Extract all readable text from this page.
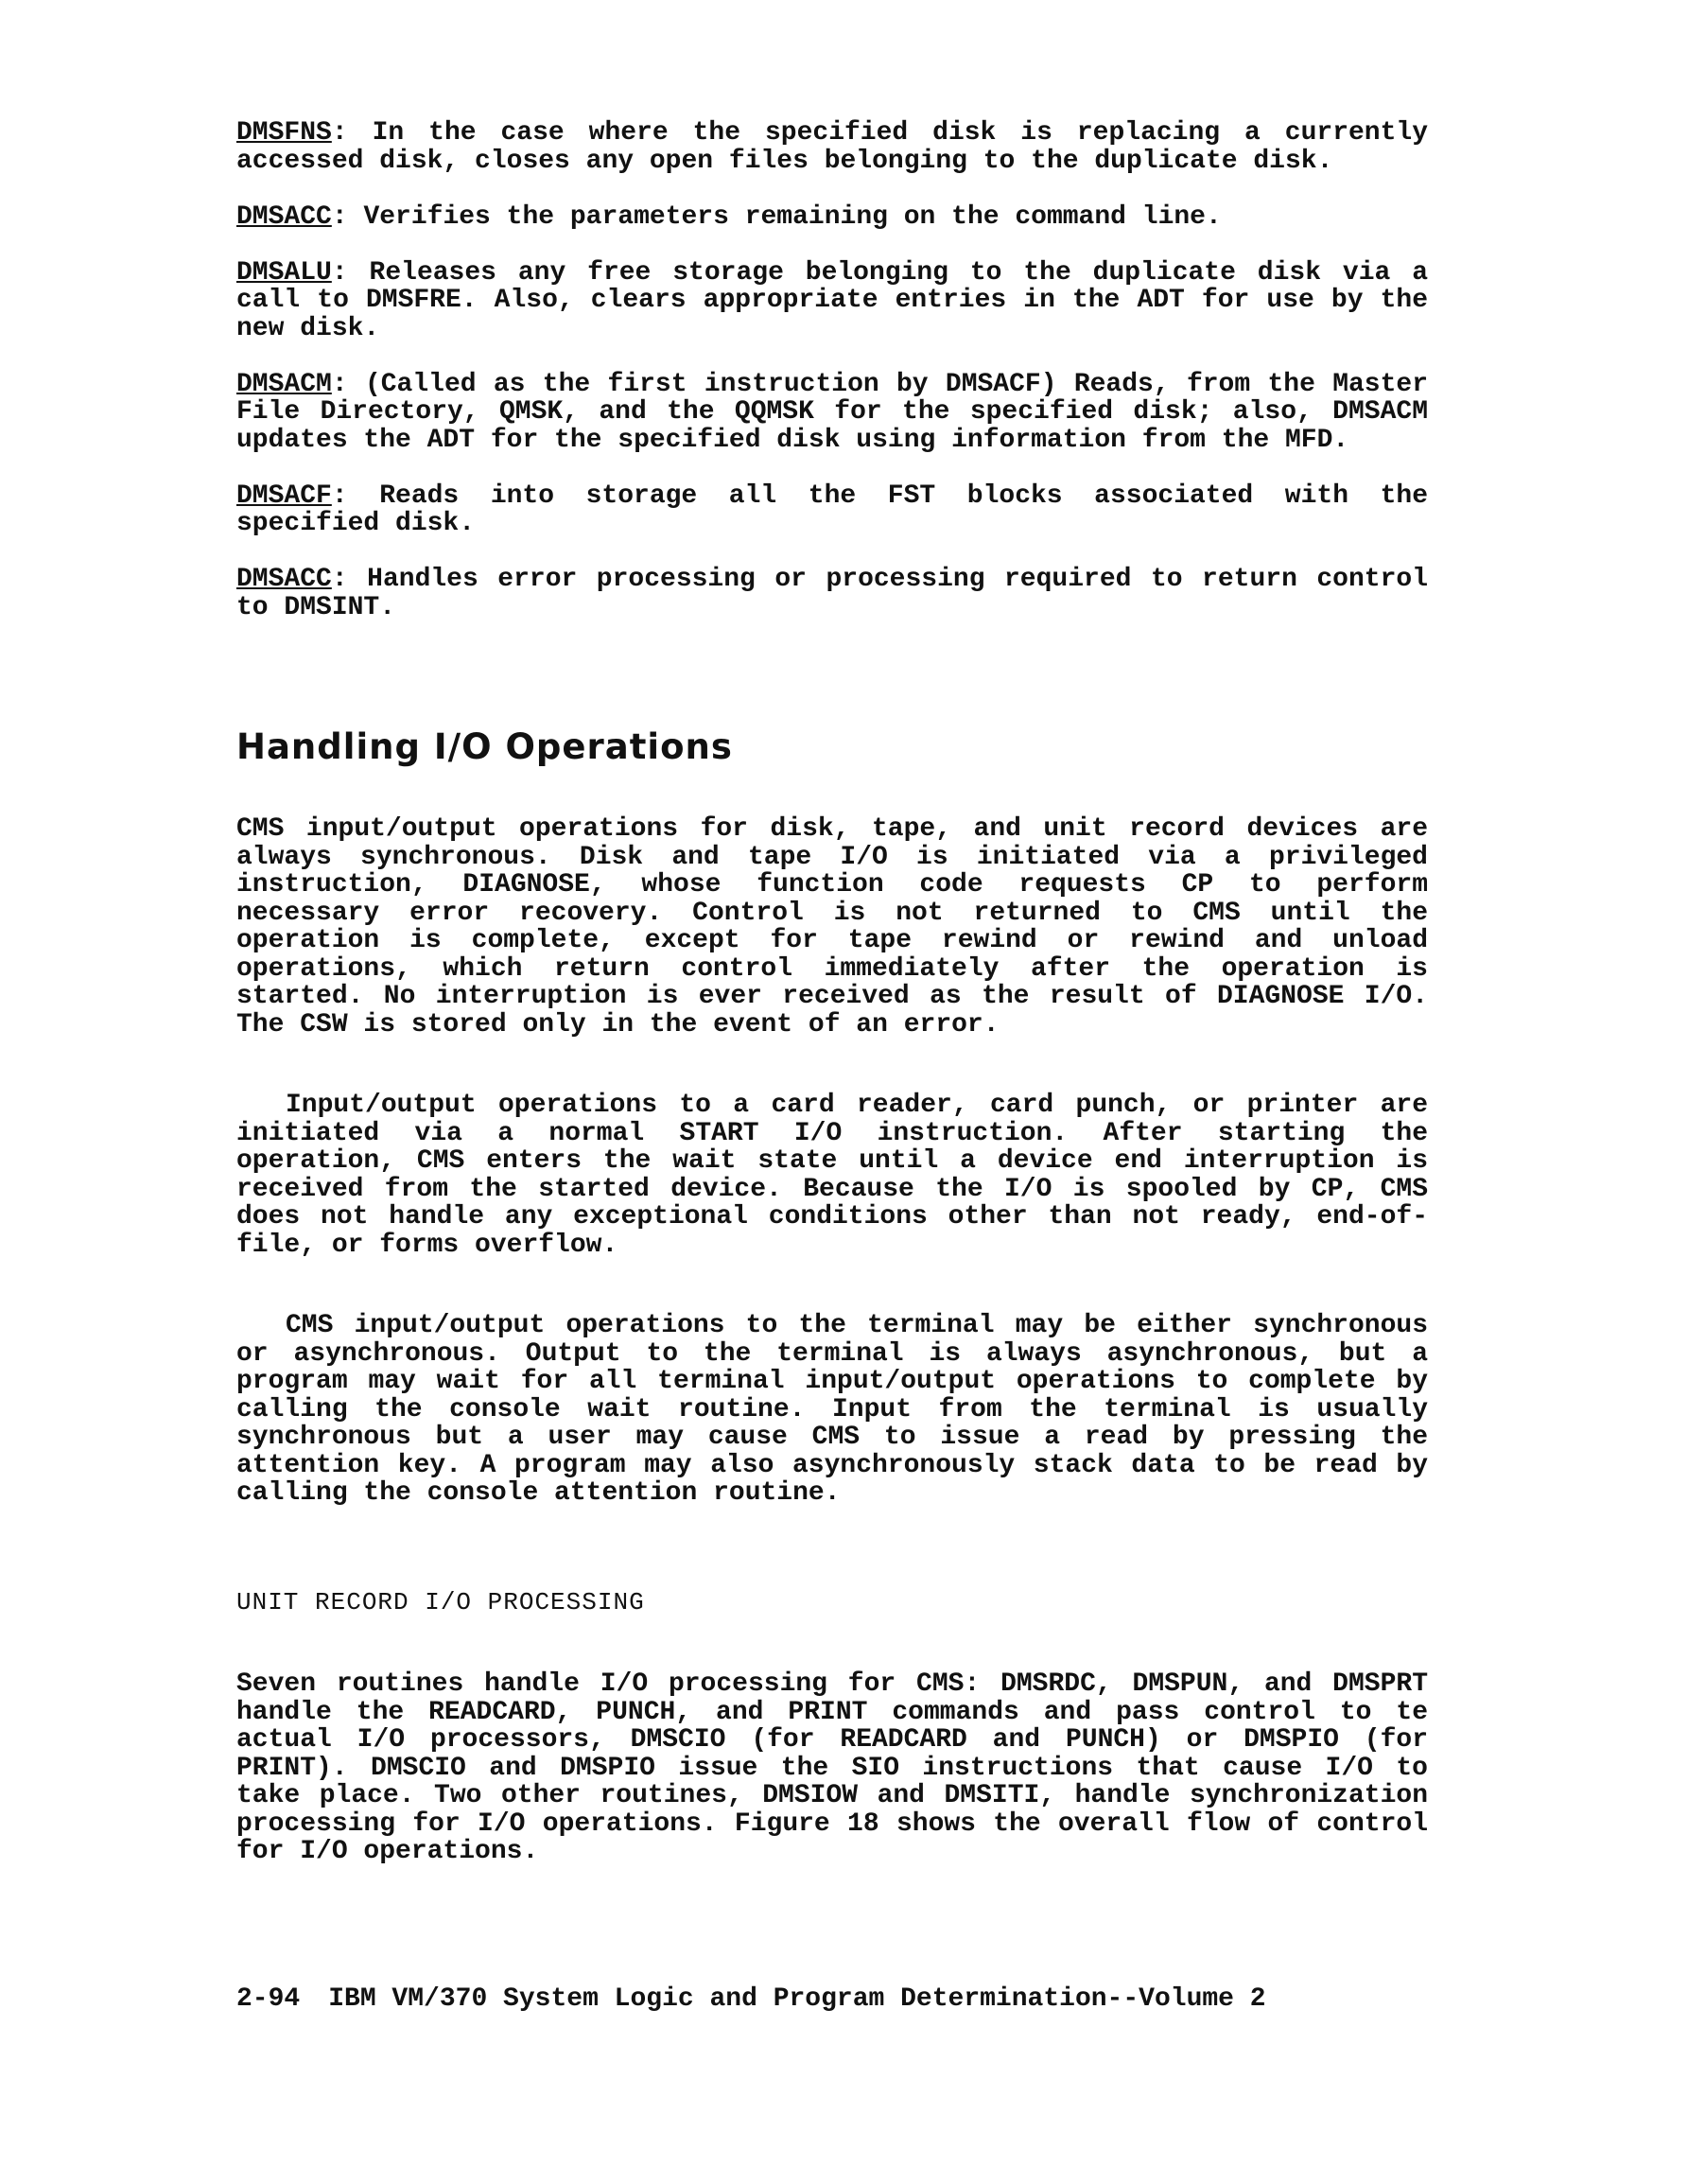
DMSFNS: In the case where the specified disk is replacing a currently accessed disk, closes any open files belonging to the duplicate disk.

DMSACC: Verifies the parameters remaining on the command line.

DMSALU: Releases any free storage belonging to the duplicate disk via a call to DMSFRE. Also, clears appropriate entries in the ADT for use by the new disk.

DMSACM: (Called as the first instruction by DMSACF) Reads, from the Master File Directory, QMSK, and the QQMSK for the specified disk; also, DMSACM updates the ADT for the specified disk using information from the MFD.

DMSACF: Reads into storage all the FST blocks associated with the specified disk.

DMSACC: Handles error processing or processing required to return control to DMSINT.

Handling I/O Operations

CMS input/output operations for disk, tape, and unit record devices are always synchronous. Disk and tape I/O is initiated via a privileged instruction, DIAGNOSE, whose function code requests CP to perform necessary error recovery. Control is not returned to CMS until the operation is complete, except for tape rewind or rewind and unload operations, which return control immediately after the operation is started. No interruption is ever received as the result of DIAGNOSE I/O. The CSW is stored only in the event of an error.

Input/output operations to a card reader, card punch, or printer are initiated via a normal START I/O instruction. After starting the operation, CMS enters the wait state until a device end interruption is received from the started device. Because the I/O is spooled by CP, CMS does not handle any exceptional conditions other than not ready, end-of-file, or forms overflow.

CMS input/output operations to the terminal may be either synchronous or asynchronous. Output to the terminal is always asynchronous, but a program may wait for all terminal input/output operations to complete by calling the console wait routine. Input from the terminal is usually synchronous but a user may cause CMS to issue a read by pressing the attention key. A program may also asynchronously stack data to be read by calling the console attention routine.

UNIT RECORD I/O PROCESSING

Seven routines handle I/O processing for CMS: DMSRDC, DMSPUN, and DMSPRT handle the READCARD, PUNCH, and PRINT commands and pass control to te actual I/O processors, DMSCIO (for READCARD and PUNCH) or DMSPIO (for PRINT). DMSCIO and DMSPIO issue the SIO instructions that cause I/O to take place. Two other routines, DMSIOW and DMSITI, handle synchronization processing for I/O operations. Figure 18 shows the overall flow of control for I/O operations.

2-94 IBM VM/370 System Logic and Program Determination--Volume 2
